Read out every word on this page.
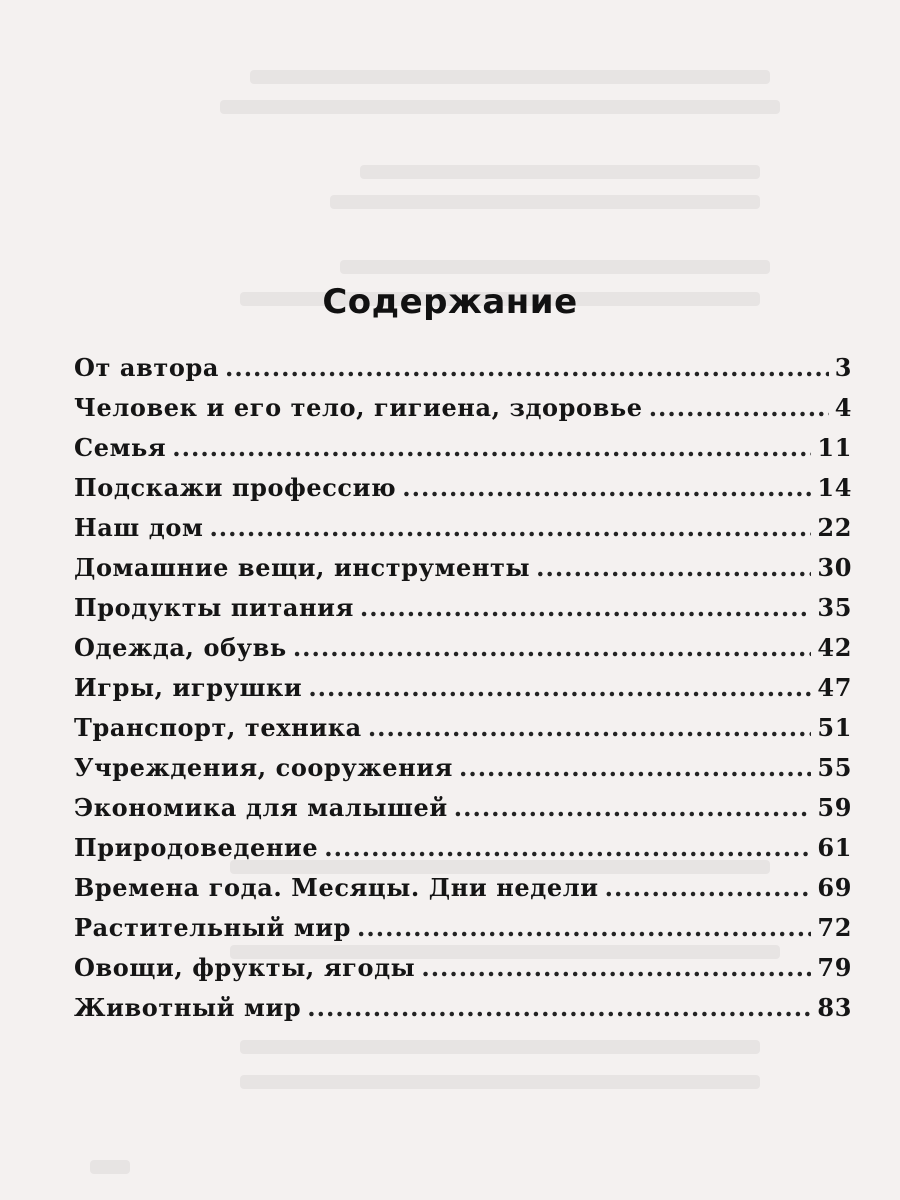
Содержание
От автора .....	3
Человек и его тело, гигиена, здоровье .....	4
Семья .....	11
Подскажи профессию .....	14
Наш дом .....	22
Домашние вещи, инструменты .....	30
Продукты питания .....	35
Одежда, обувь .....	42
Игры, игрушки .....	47
Транспорт, техника .....	51
Учреждения, сооружения .....	55
Экономика для малышей .....	59
Природоведение .....	61
Времена года. Месяцы. Дни недели .....	69
Растительный мир .....	72
Овощи, фрукты, ягоды .....	79
Животный мир .....	83
